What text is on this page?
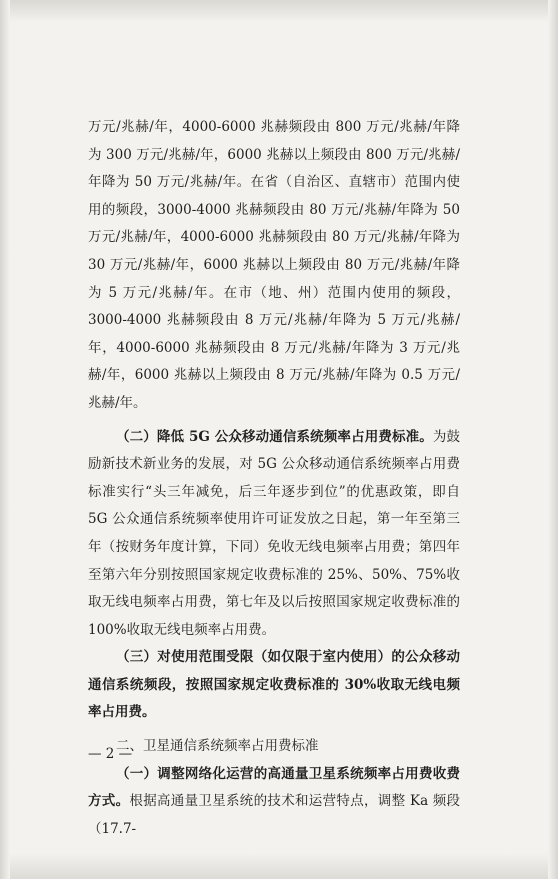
万元/兆赫/年，4000-6000 兆赫频段由 800 万元/兆赫/年降为 300 万元/兆赫/年，6000 兆赫以上频段由 800 万元/兆赫/年降为 50 万元/兆赫/年。在省（自治区、直辖市）范围内使用的频段，3000-4000 兆赫频段由 80 万元/兆赫/年降为 50 万元/兆赫/年，4000-6000 兆赫频段由 80 万元/兆赫/年降为 30 万元/兆赫/年，6000 兆赫以上频段由 80 万元/兆赫/年降为 5 万元/兆赫/年。在市（地、州）范围内使用的频段，3000-4000 兆赫频段由 8 万元/兆赫/年降为 5 万元/兆赫/年，4000-6000 兆赫频段由 8 万元/兆赫/年降为 3 万元/兆赫/年，6000 兆赫以上频段由 8 万元/兆赫/年降为 0.5 万元/兆赫/年。

（二）降低 5G 公众移动通信系统频率占用费标准。为鼓励新技术新业务的发展，对 5G 公众移动通信系统频率占用费标准实行“头三年减免，后三年逐步到位”的优惠政策，即自 5G 公众通信系统频率使用许可证发放之日起，第一年至第三年（按财务年度计算，下同）免收无线电频率占用费；第四年至第六年分别按照国家规定收费标准的 25%、50%、75%收取无线电频率占用费，第七年及以后按照国家规定收费标准的 100%收取无线电频率占用费。

（三）对使用范围受限（如仅限于室内使用）的公众移动通信系统频段，按照国家规定收费标准的 30%收取无线电频率占用费。

二、卫星通信系统频率占用费标准

（一）调整网络化运营的高通量卫星系统频率占用费收费方式。根据高通量卫星系统的技术和运营特点，调整 Ka 频段（17.7-

— 2 —
